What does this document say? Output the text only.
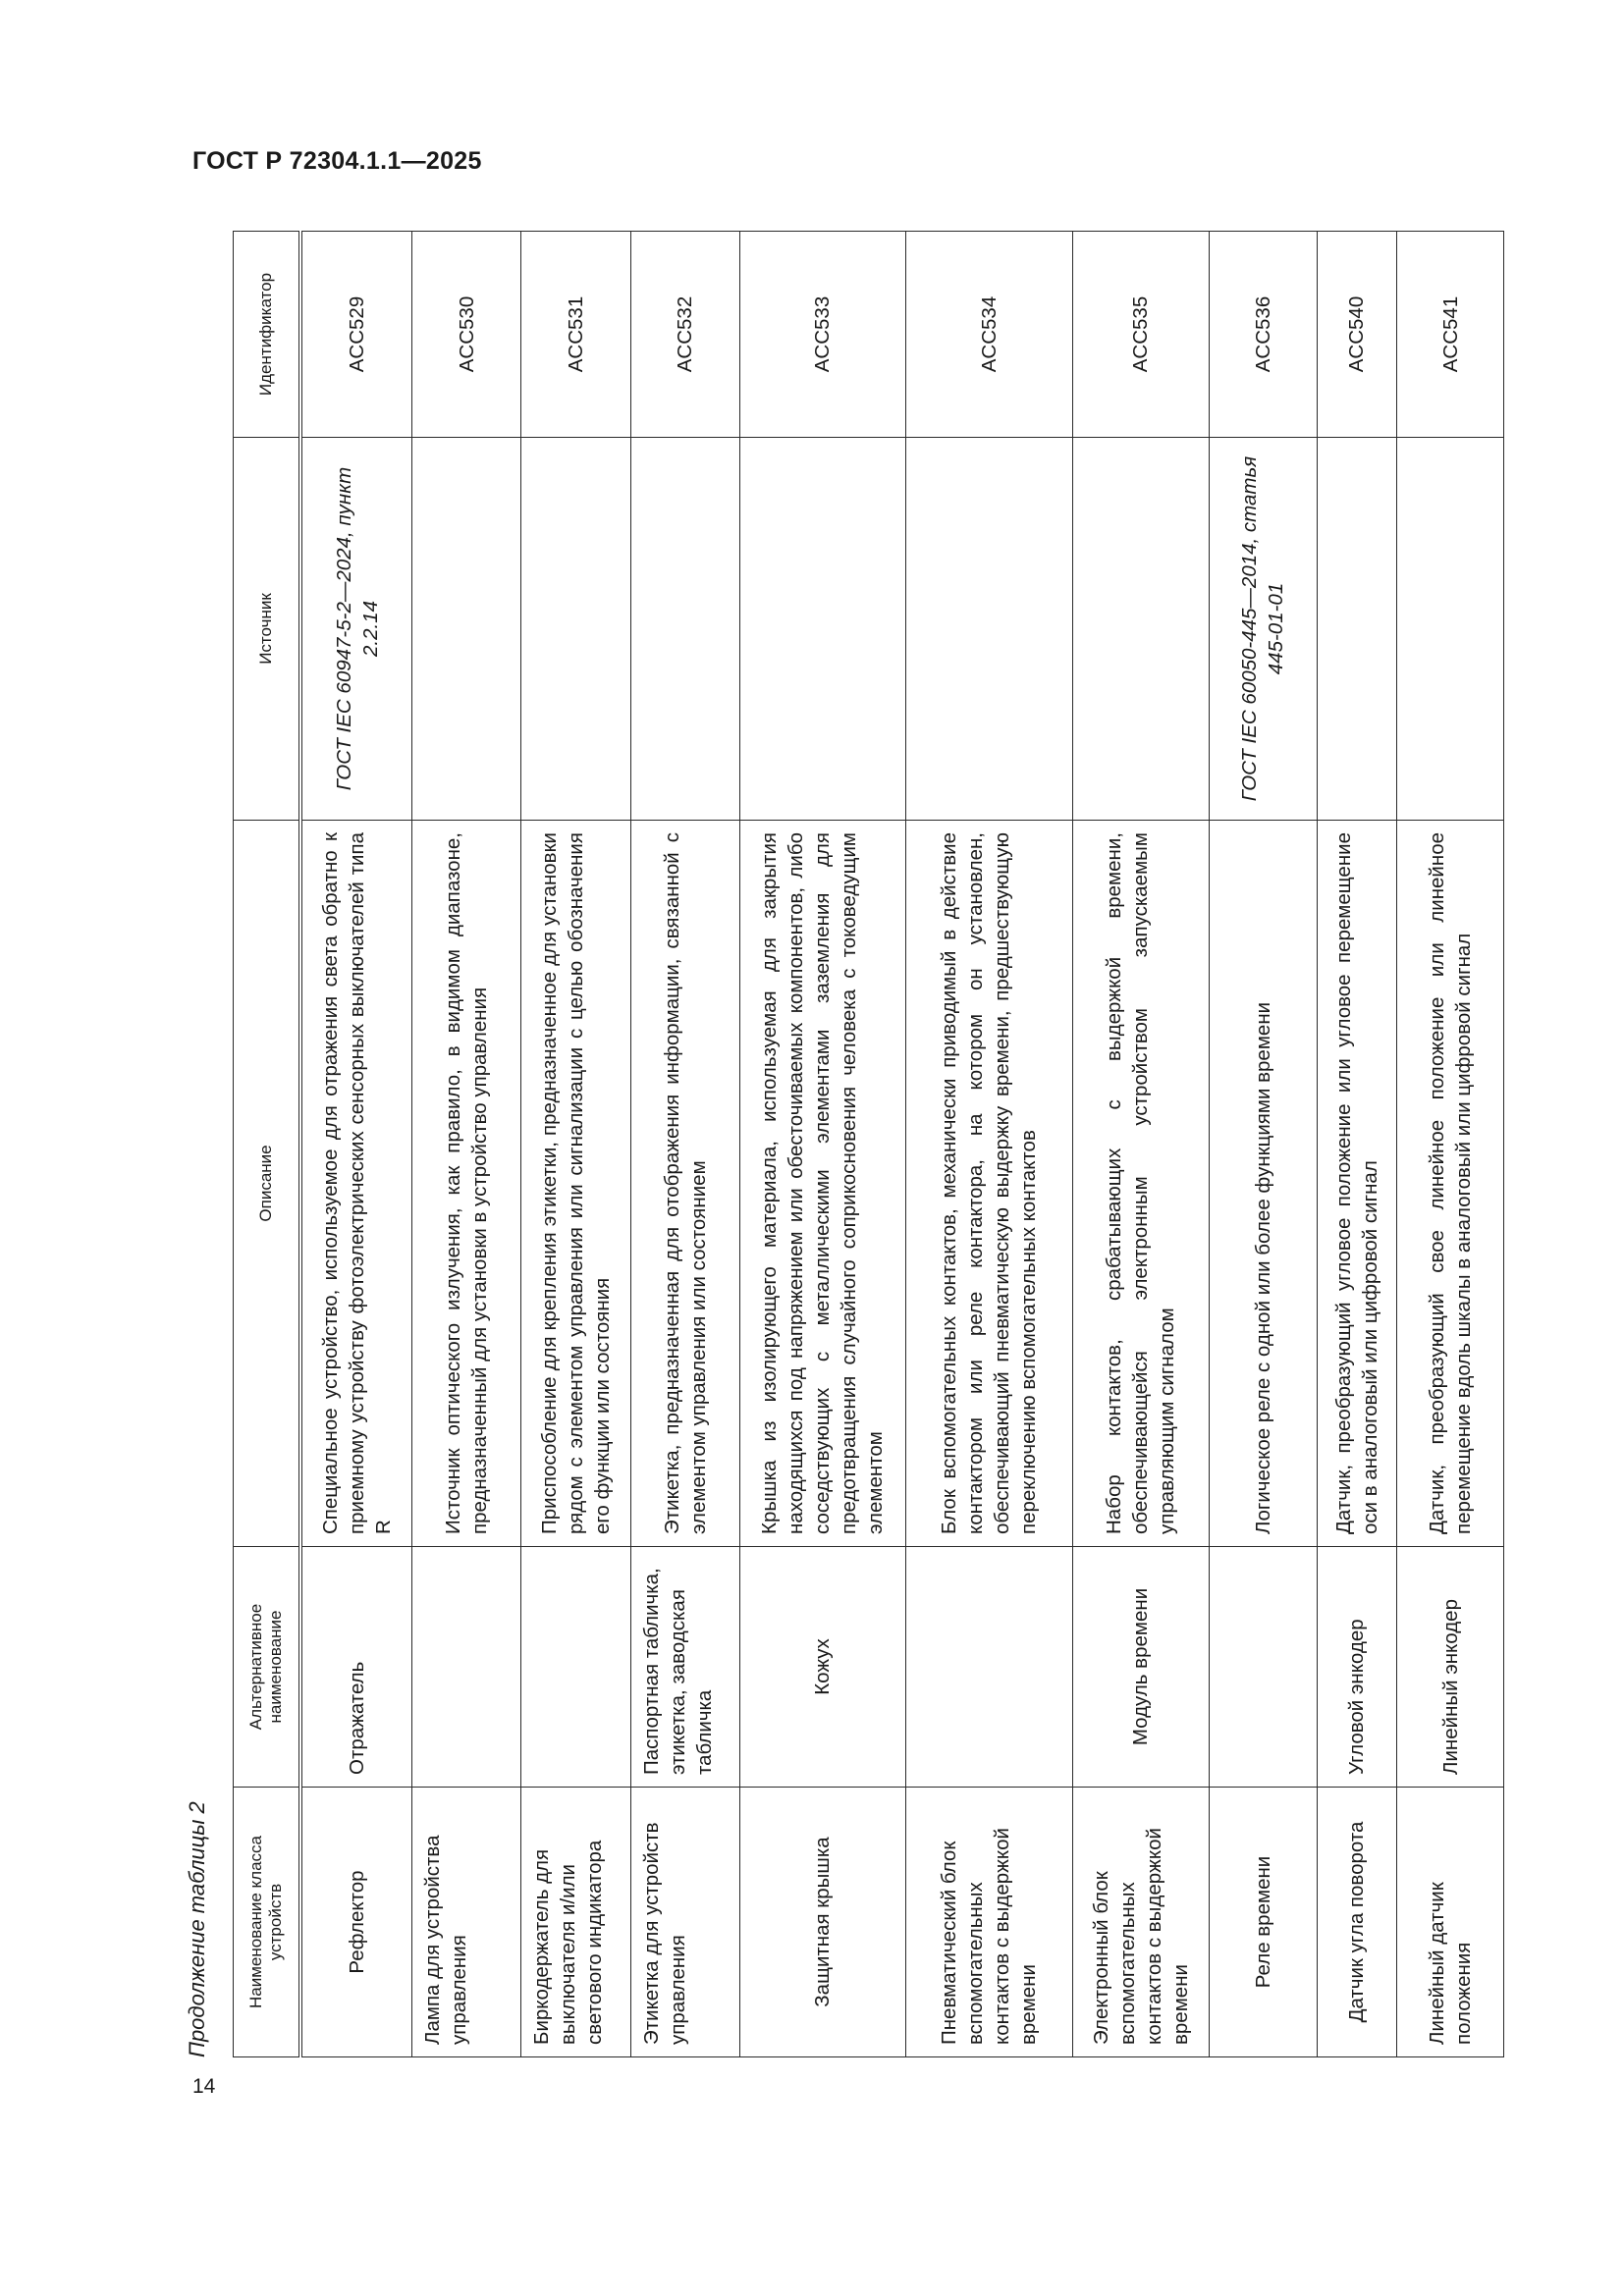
ГОСТ Р 72304.1.1—2025
14
Продолжение таблицы 2	Наименование класса устройств	Альтернативное наименование	Описание	Источник	Идентификатор
Рефлектор	Отражатель	Специальное устройство, используемое для отражения света обратно к приемному устройству фотоэлектрических сенсорных выключателей типа R	ГОСТ IEC 60947-5-2—2024, пункт 2.2.14	ACC529
Лампа для устройства управления		Источник оптического излучения, как правило, в видимом диапазоне, предназначенный для установки в устройство управления		ACC530
Биркодержатель для выключателя и/или светового индикатора		Приспособление для крепления этикетки, предназначенное для установки рядом с элементом управления или сигнализации с целью обозначения его функции или состояния		ACC531
Этикетка для устройств управления	Паспортная табличка, этикетка, заводская табличка	Этикетка, предназначенная для отображения информации, связанной с элементом управления или состоянием		ACC532
Защитная крышка	Кожух	Крышка из изолирующего материала, используемая для закрытия находящихся под напряжением или обесточиваемых компонентов, либо соседствующих с металлическими элементами заземления для предотвращения случайного соприкосновения человека с токоведущим элементом		ACC533
Пневматический блок вспомогательных контактов с выдержкой времени		Блок вспомогательных контактов, механически приводимый в действие контактором или реле контактора, на котором он установлен, обеспечивающий пневматическую выдержку времени, предшествующую переключению вспомогательных контактов		ACC534
Электронный блок вспомогательных контактов с выдержкой времени	Модуль времени	Набор контактов, срабатывающих с выдержкой времени, обеспечивающейся электронным устройством запускаемым управляющим сигналом		ACC535
Реле времени		Логическое реле с одной или более функциями времени	ГОСТ IEC 60050-445—2014, статья 445-01-01	ACC536
Датчик угла поворота	Угловой энкодер	Датчик, преобразующий угловое положение или угловое перемещение оси в аналоговый или цифровой сигнал		ACC540
Линейный датчик положения	Линейный энкодер	Датчик, преобразующий свое линейное положение или линейное перемещение вдоль шкалы в аналоговый или цифровой сигнал		ACC541
